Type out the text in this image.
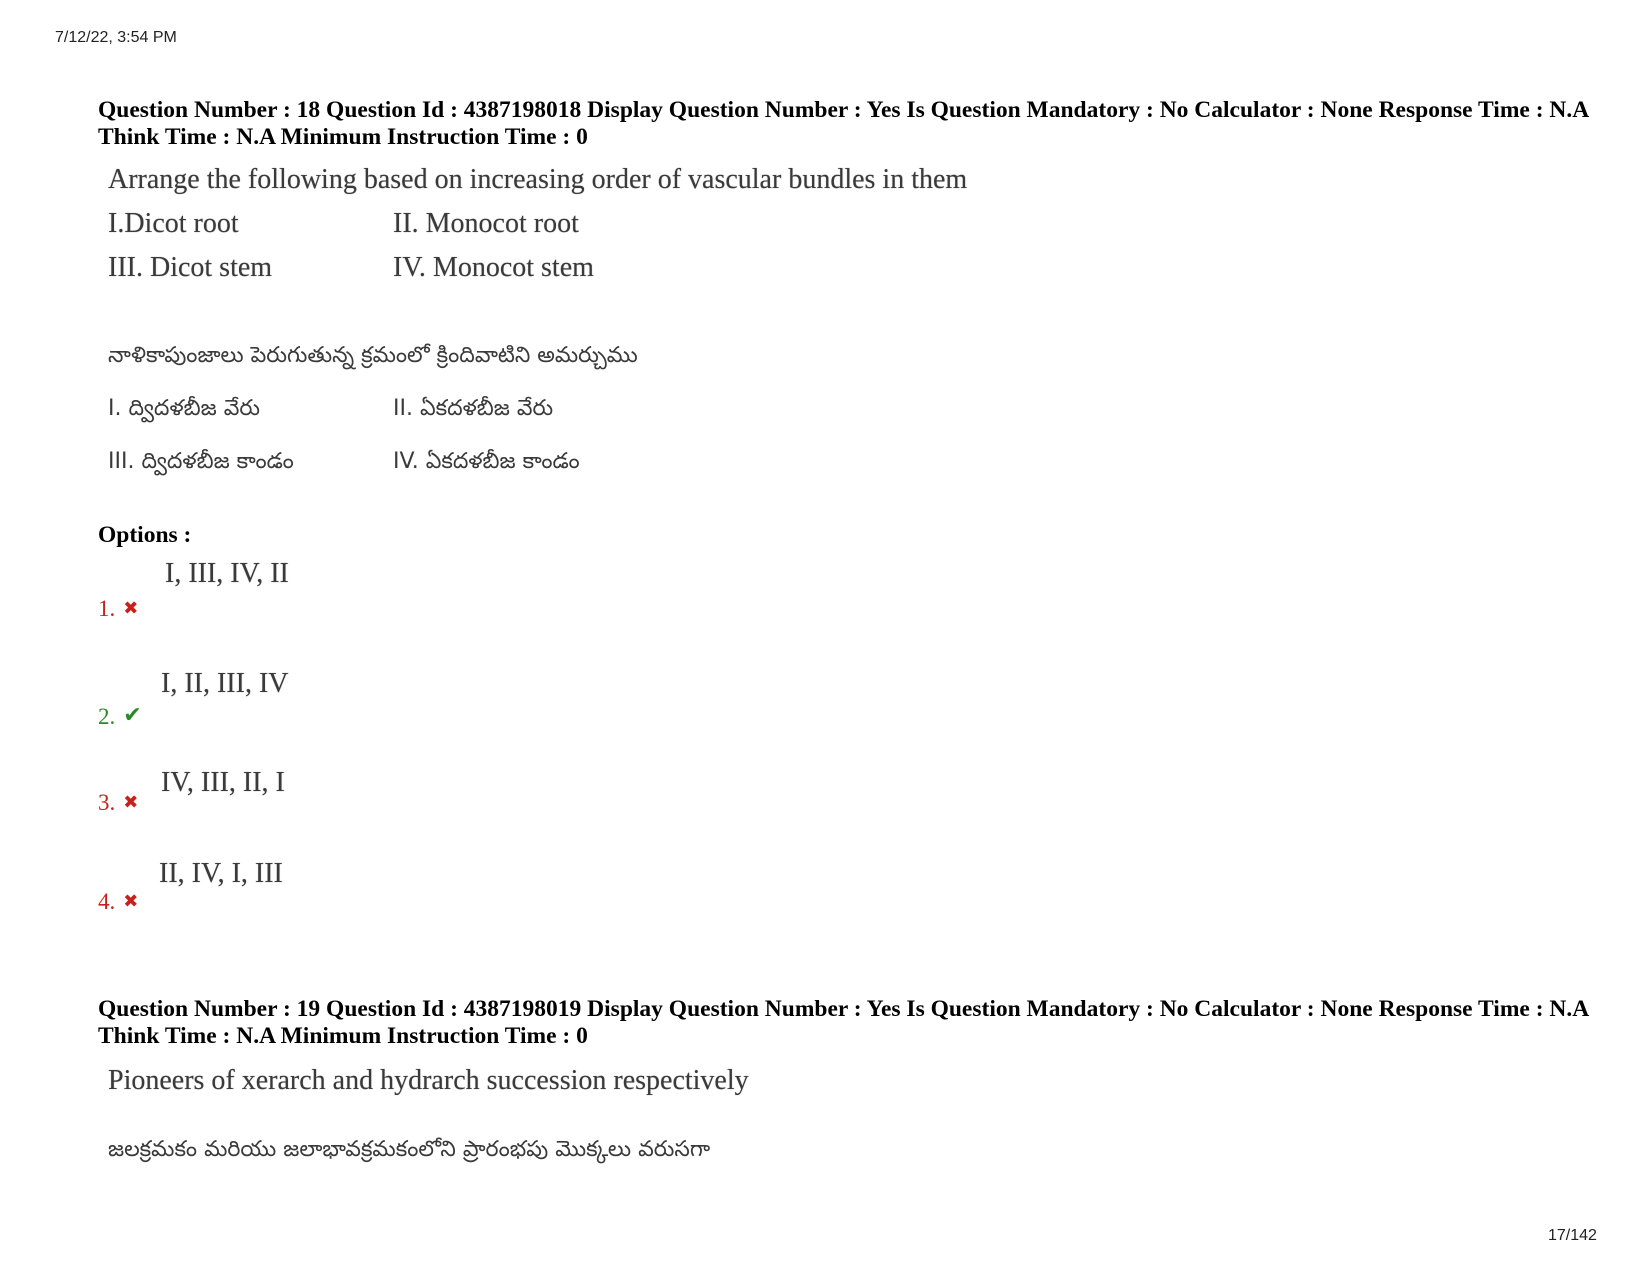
7/12/22, 3:54 PM
Question Number : 18 Question Id : 4387198018 Display Question Number : Yes Is Question Mandatory : No Calculator : None Response Time : N.A Think Time : N.A Minimum Instruction Time : 0
Arrange the following based on increasing order of vascular bundles in them
I.Dicot root	II. Monocot root
III. Dicot stem	IV. Monocot stem
నాళికాపుంజాలు పెరుగుతున్న క్రమంలో క్రిందివాటిని అమర్చుము
I. ద్విదళబీజ వేరు	II. ఏకదళబీజ వేరు
III. ద్విదళబీజ కాండం	IV. ఏకదళబీజ కాండం
Options :
I, III, IV, II
1. ✖
I, II, III, IV
2. ✔
IV, III, II, I
3. ✖
II, IV, I, III
4. ✖
Question Number : 19 Question Id : 4387198019 Display Question Number : Yes Is Question Mandatory : No Calculator : None Response Time : N.A Think Time : N.A Minimum Instruction Time : 0
Pioneers of xerarch and hydrarch succession respectively
జలక్రమకం మరియు జలాభావక్రమకంలోని ప్రారంభపు మొక్కలు వరుసగా
17/142
